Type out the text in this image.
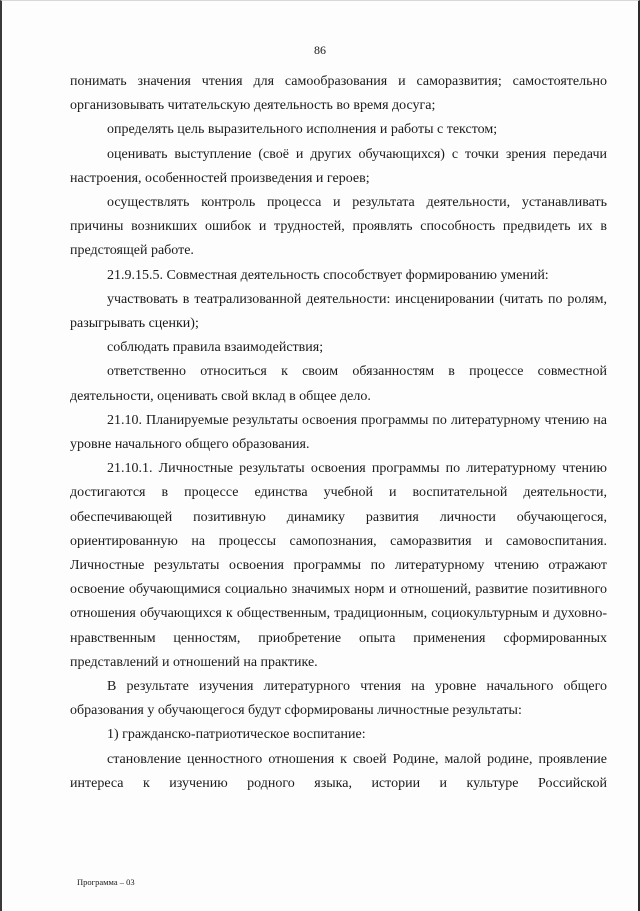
86

понимать значения чтения для самообразования и саморазвития; самостоятельно организовывать читательскую деятельность во время досуга;

определять цель выразительного исполнения и работы с текстом;

оценивать выступление (своё и других обучающихся) с точки зрения передачи настроения, особенностей произведения и героев;

осуществлять контроль процесса и результата деятельности, устанавливать причины возникших ошибок и трудностей, проявлять способность предвидеть их в предстоящей работе.

21.9.15.5. Совместная деятельность способствует формированию умений:

участвовать в театрализованной деятельности: инсценировании (читать по ролям, разыгрывать сценки);

соблюдать правила взаимодействия;

ответственно относиться к своим обязанностям в процессе совместной деятельности, оценивать свой вклад в общее дело.

21.10. Планируемые результаты освоения программы по литературному чтению на уровне начального общего образования.

21.10.1. Личностные результаты освоения программы по литературному чтению достигаются в процессе единства учебной и воспитательной деятельности, обеспечивающей позитивную динамику развития личности обучающегося, ориентированную на процессы самопознания, саморазвития и самовоспитания. Личностные результаты освоения программы по литературному чтению отражают освоение обучающимися социально значимых норм и отношений, развитие позитивного отношения обучающихся к общественным, традиционным, социокультурным и духовно-нравственным ценностям, приобретение опыта применения сформированных представлений и отношений на практике.

В результате изучения литературного чтения на уровне начального общего образования у обучающегося будут сформированы личностные результаты:

1) гражданско-патриотическое воспитание:

становление ценностного отношения к своей Родине, малой родине, проявление интереса к изучению родного языка, истории и культуре Российской

Программа – 03
